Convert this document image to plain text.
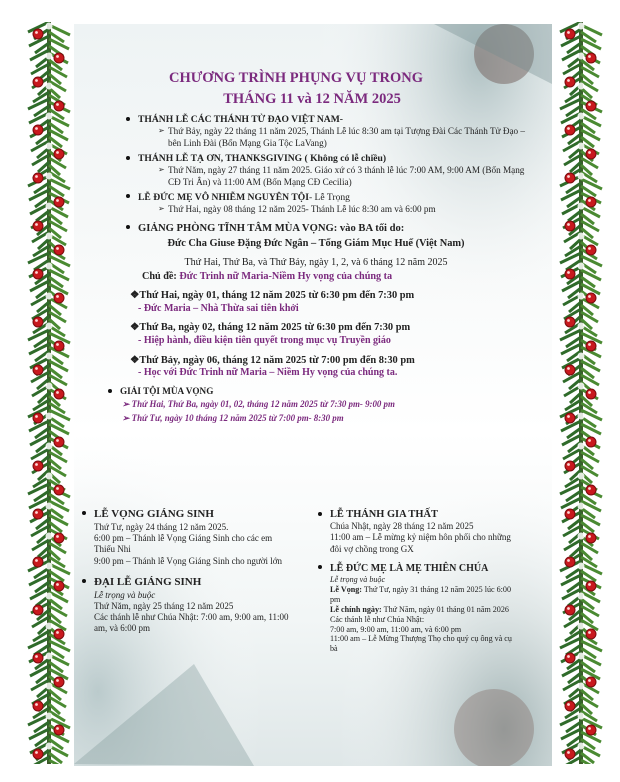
CHƯƠNG TRÌNH PHỤNG VỤ TRONG
THÁNG 11 và 12 NĂM 2025
THÁNH LỄ CÁC THÁNH TỬ ĐẠO VIỆT NAM-
➢ Thứ Bảy, ngày 22 tháng 11 năm 2025, Thánh Lễ lúc 8:30 am tại Tượng Đài Các Thánh Tử Đạo – bên Linh Đài (Bổn Mạng Gia Tộc LaVang)
THÁNH LỄ TẠ ƠN, THANKSGIVING ( Không có lễ chiều)
➢ Thứ Năm, ngày 27 tháng 11 năm 2025. Giáo xứ có 3 thánh lễ lúc 7:00 AM, 9:00 AM (Bổn Mạng CĐ Tri Ân) và 11:00 AM (Bổn Mạng CĐ Cecilia)
LỄ ĐỨC MẸ VÔ NHIỄM NGUYÊN TỘI- Lễ Trọng
➢ Thứ Hai, ngày 08 tháng 12 năm 2025- Thánh Lễ lúc 8:30 am và 6:00 pm
GIẢNG PHÒNG TĨNH TÂM MÙA VỌNG: vào BA tối do:
Đức Cha Giuse Đặng Đức Ngân – Tổng Giám Mục Huế (Việt Nam)
Thứ Hai, Thứ Ba, và Thứ Bảy, ngày 1, 2, và 6 tháng 12 năm 2025
Chủ đề: Đức Trinh nữ Maria-Niềm Hy vọng của chúng ta
❖Thứ Hai, ngày 01, tháng 12 năm 2025 từ 6:30 pm đến 7:30 pm
- Đức Maria – Nhà Thừa sai tiên khởi
❖Thứ Ba, ngày 02, tháng 12 năm 2025 từ 6:30 pm đến 7:30 pm
- Hiệp hành, điều kiện tiên quyết trong mục vụ Truyền giáo
❖Thứ Bảy, ngày 06, tháng 12 năm 2025 từ 7:00 pm đến 8:30 pm
- Học với Đức Trinh nữ Maria – Niềm Hy vọng của chúng ta.
GIẢI TỘI MÙA VỌNG
➢ Thứ Hai, Thứ Ba, ngày 01, 02, tháng 12 năm 2025 từ 7:30 pm- 9:00 pm
➢ Thứ Tư, ngày 10 tháng 12 năm 2025 từ 7:00 pm- 8:30 pm
LỄ VỌNG GIÁNG SINH
Thứ Tư, ngày 24 tháng 12 năm 2025.
6:00 pm – Thánh lễ Vọng Giáng Sinh cho các em Thiếu Nhi
9:00 pm – Thánh lễ Vọng Giáng Sinh cho người lớn
ĐẠI LỄ GIÁNG SINH
Lễ trọng và buộc
Thứ Năm, ngày 25 tháng 12 năm 2025
Các thánh lễ như Chúa Nhật: 7:00 am, 9:00 am, 11:00 am, và 6:00 pm
LỄ THÁNH GIA THẤT
Chúa Nhật, ngày 28 tháng 12 năm 2025
11:00 am – Lễ mừng kỷ niệm hôn phối cho những đôi vợ chồng trong GX
LỄ ĐỨC MẸ LÀ MẸ THIÊN CHÚA
Lễ trọng và buộc
Lễ Vọng: Thứ Tư, ngày 31 tháng 12 năm 2025 lúc 6:00 pm
Lễ chính ngày: Thứ Năm, ngày 01 tháng 01 năm 2026
Các thánh lễ như Chúa Nhật:
7:00 am, 9:00 am, 11:00 am, và 6:00 pm
11:00 am – Lễ Mừng Thượng Thọ cho quý cụ ông và cụ bà
